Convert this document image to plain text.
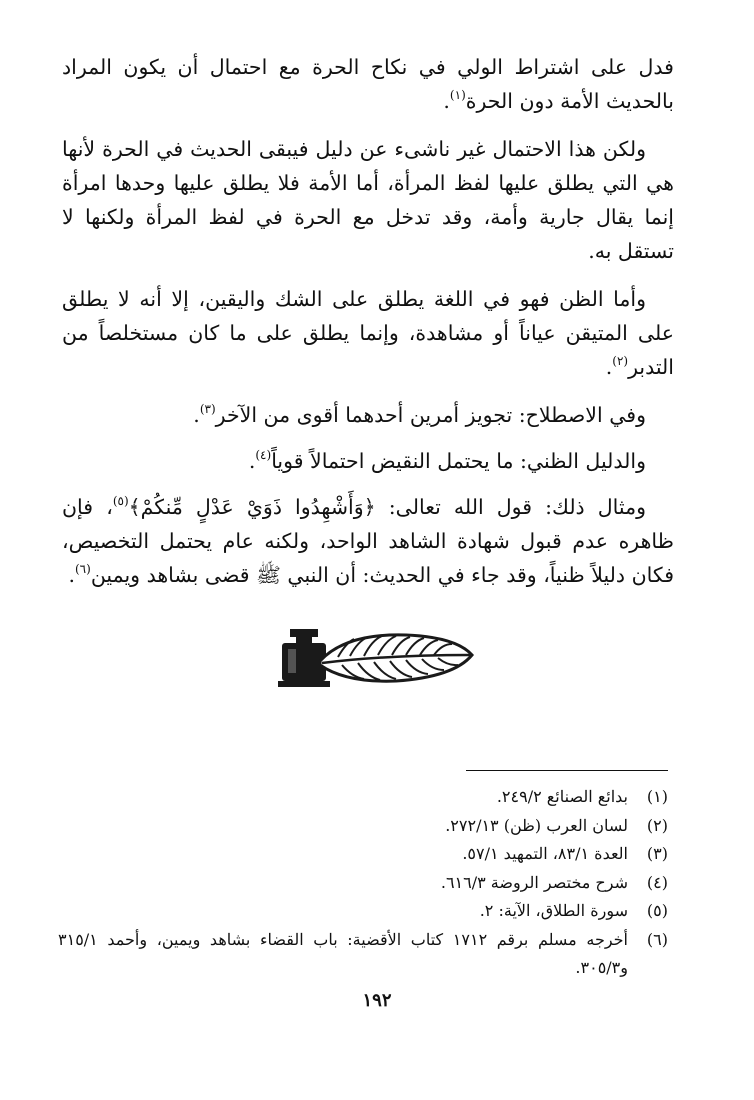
فدل على اشتراط الولي في نكاح الحرة مع احتمال أن يكون المراد بالحديث الأمة دون الحرة$^{(١)}$.

ولكن هذا الاحتمال غير ناشىء عن دليل فيبقى الحديث في الحرة لأنها هي التي يطلق عليها لفظ المرأة، أما الأمة فلا يطلق عليها وحدها امرأة إنما يقال جارية وأمة، وقد تدخل مع الحرة في لفظ المرأة ولكنها لا تستقل به.

وأما الظن فهو في اللغة يطلق على الشك واليقين، إلا أنه لا يطلق على المتيقن عياناً أو مشاهدة، وإنما يطلق على ما كان مستخلصاً من التدبر$^{(٢)}$.

وفي الاصطلاح: تجويز أمرين أحدهما أقوى من الآخر$^{(٣)}$.

والدليل الظني: ما يحتمل النقيض احتمالاً قوياً$^{(٤)}$.

ومثال ذلك: قول الله تعالى: ﴿وَأَشْهِدُوا ذَوَيْ عَدْلٍ مِّنكُمْ﴾$^{(٥)}$، فإن ظاهره عدم قبول شهادة الشاهد الواحد، ولكنه عام يحتمل التخصيص، فكان دليلاً ظنياً، وقد جاء في الحديث: أن النبي ﷺ قضى بشاهد ويمين$^{(٦)}$.

(١)
بدائع الصنائع ٢٤٩/٢.
(٢)
لسان العرب (ظن) ٢٧٢/١٣.
(٣)
العدة ٨٣/١، التمهيد ٥٧/١.
(٤)
شرح مختصر الروضة ٦١٦/٣.
(٥)
سورة الطلاق، الآية: ٢.
(٦)
أخرجه مسلم برقم ١٧١٢ كتاب الأقضية: باب القضاء بشاهد ويمين، وأحمد ٣١٥/١ و٣٠٥/٣.
١٩٢
